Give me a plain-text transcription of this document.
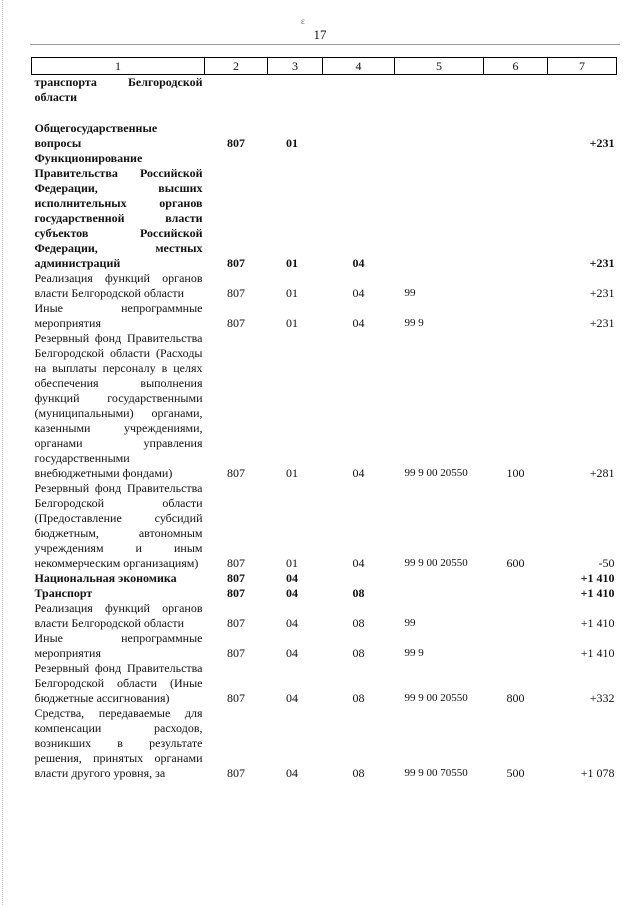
ε
17
1	2	3	4	5	6	7
транспорта Белгородской области						

Общегосударственные вопросы	807	01				+231
Функционирование Правительства Российской Федерации, высших исполнительных органов государственной власти субъектов Российской Федерации, местных администраций	807	01	04			+231
Реализация функций органов власти Белгородской области	807	01	04	99		+231
Иные непрограммные мероприятия	807	01	04	99 9		+231
Резервный фонд Правительства Белгородской области (Расходы на выплаты персоналу в целях обеспечения выполнения функций государственными (муниципальными) органами, казенными учреждениями, органами управления государственными внебюджетными фондами)	807	01	04	99 9 00 20550	100	+281
Резервный фонд Правительства Белгородской области (Предоставление субсидий бюджетным, автономным учреждениям и иным некоммерческим организациям)	807	01	04	99 9 00 20550	600	-50
Национальная экономика	807	04				+1 410
Транспорт	807	04	08			+1 410
Реализация функций органов власти Белгородской области	807	04	08	99		+1 410
Иные непрограммные мероприятия	807	04	08	99 9		+1 410
Резервный фонд Правительства Белгородской области (Иные бюджетные ассигнования)	807	04	08	99 9 00 20550	800	+332
Средства, передаваемые для компенсации расходов, возникших в результате решения, принятых органами власти другого уровня, за	807	04	08	99 9 00 70550	500	+1 078
